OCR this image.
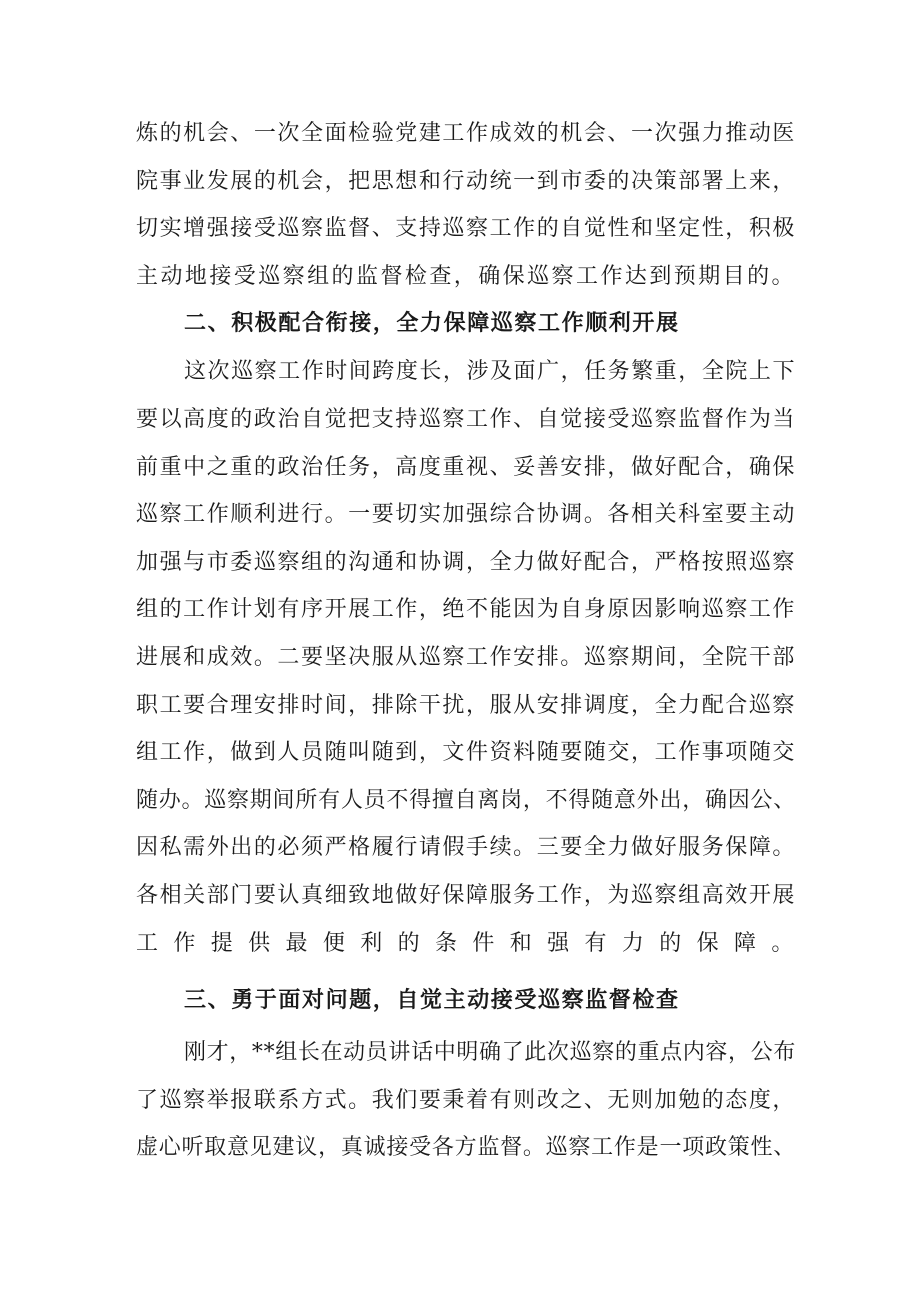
炼的机会、一次全面检验党建工作成效的机会、一次强力推动医
院事业发展的机会，把思想和行动统一到市委的决策部署上来，
切实增强接受巡察监督、支持巡察工作的自觉性和坚定性，积极
主动地接受巡察组的监督检查，确保巡察工作达到预期目的。

二、积极配合衔接，全力保障巡察工作顺利开展

这次巡察工作时间跨度长，涉及面广，任务繁重，全院上下
要以高度的政治自觉把支持巡察工作、自觉接受巡察监督作为当
前重中之重的政治任务，高度重视、妥善安排，做好配合，确保
巡察工作顺利进行。一要切实加强综合协调。各相关科室要主动
加强与市委巡察组的沟通和协调，全力做好配合，严格按照巡察
组的工作计划有序开展工作，绝不能因为自身原因影响巡察工作
进展和成效。二要坚决服从巡察工作安排。巡察期间，全院干部
职工要合理安排时间，排除干扰，服从安排调度，全力配合巡察
组工作，做到人员随叫随到，文件资料随要随交，工作事项随交
随办。巡察期间所有人员不得擅自离岗，不得随意外出，确因公、
因私需外出的必须严格履行请假手续。三要全力做好服务保障。
各相关部门要认真细致地做好保障服务工作，为巡察组高效开展
工作提供最便利的条件和强有力的保障。

三、勇于面对问题，自觉主动接受巡察监督检查

刚才，**组长在动员讲话中明确了此次巡察的重点内容，公布
了巡察举报联系方式。我们要秉着有则改之、无则加勉的态度，
虚心听取意见建议，真诚接受各方监督。巡察工作是一项政策性、
